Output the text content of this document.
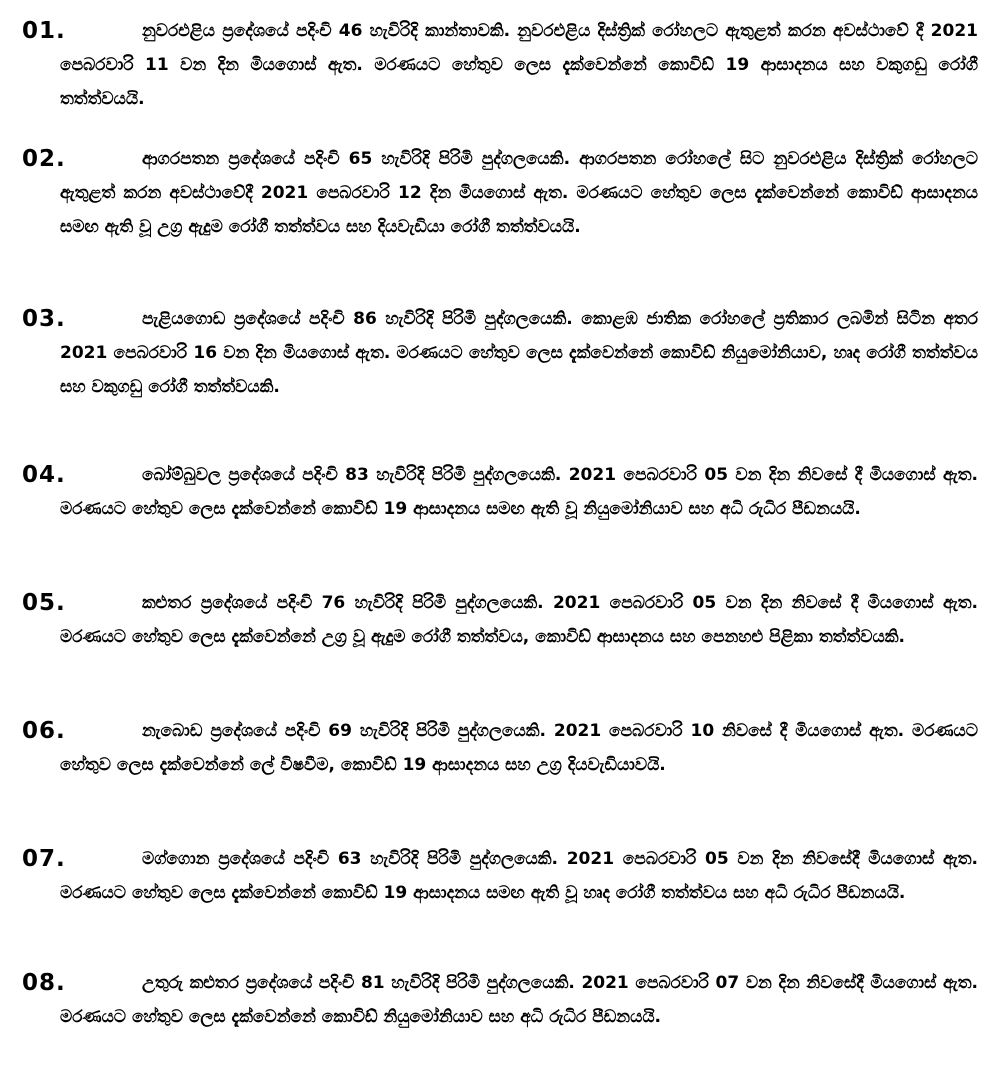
01.	නුවරඑළිය ප්‍රදේශයේ පදිංචි 46 හැවිරිදි කාන්තාවකි. නුවරඑළිය දිස්ත්‍රික් රෝහලට ඇතුළත් කරන අවස්ථාවේ දී 2021 පෙබරවාරි 11 වන දින මියගොස් ඇත. මරණයට හේතුව ලෙස දැක්වෙන්නේ කොවිඩ් 19 ආසාදනය සහ වකුගඩු රෝගී තත්ත්වයයි.

02.	ආගරපතන ප්‍රදේශයේ පදිංචි 65 හැවිරිදි පිරිමි පුද්ගලයෙකි. ආගරපතන රෝහලේ සිට නුවරඑළිය දිස්ත්‍රික් රෝහලට ඇතුළත් කරන අවස්ථාවේදී 2021 පෙබරවාරි 12 දින මියගොස් ඇත. මරණයට හේතුව ලෙස දැක්වෙන්නේ කොවිඩ් ආසාදනය සමඟ ඇති වූ උග්‍ර ඇදුම රෝගී තත්ත්වය සහ දියවැඩියා රෝගී තත්ත්වයයි.

03.	පැළියගොඩ ප්‍රදේශයේ පදිංචි 86 හැවිරිදි පිරිමි පුද්ගලයෙකි. කොළඹ ජාතික රෝහලේ ප්‍රතිකාර ලබමින් සිටින අතර 2021 පෙබරවාරි 16 වන දින මියගොස් ඇත. මරණයට හේතුව ලෙස දැක්වෙන්නේ කොවිඩ් නියුමෝනියාව, හෘද රෝගී තත්ත්වය සහ වකුගඩු රෝගී තත්ත්වයකි.

04.	බෝම්බුවල ප්‍රදේශයේ පදිංචි 83 හැවිරිදි පිරිමි පුද්ගලයෙකි. 2021 පෙබරවාරි 05 වන දින නිවසේ දී මියගොස් ඇත. මරණයට හේතුව ලෙස දැක්වෙන්නේ කොවිඩ් 19 ආසාදනය සමඟ ඇති වූ නියුමෝනියාව සහ අධි රුධිර පීඩනයයි.

05.	කළුතර ප්‍රදේශයේ පදිංචි 76 හැවිරිදි පිරිමි පුද්ගලයෙකි. 2021 පෙබරවාරි 05 වන දින නිවසේ දී මියගොස් ඇත. මරණයට හේතුව ලෙස දැක්වෙන්නේ උග්‍ර වූ ඇදුම රෝගී තත්ත්වය, කොවිඩ් ආසාදනය සහ පෙනහළු පිළිකා තත්ත්වයකි.

06.	නැබොඩ ප්‍රදේශයේ පදිංචි 69 හැවිරිදි පිරිමි පුද්ගලයෙකි. 2021 පෙබරවාරි 10 නිවසේ දී මියගොස් ඇත. මරණයට හේතුව ලෙස දැක්වෙන්නේ ලේ විෂවීම, කොවිඩ් 19 ආසාදනය සහ උග්‍ර දියවැඩියාවයි.

07.	මග්ගොන ප්‍රදේශයේ පදිංචි 63 හැවිරිදි පිරිමි පුද්ගලයෙකි. 2021 පෙබරවාරි 05 වන දින නිවසේදී මියගොස් ඇත. මරණයට හේතුව ලෙස දැක්වෙන්නේ කොවිඩ් 19 ආසාදනය සමඟ ඇති වූ හෘද රෝගී තත්ත්වය සහ අධි රුධිර පීඩනයයි.

08.	උතුරු කළුතර ප්‍රදේශයේ පදිංචි 81 හැවිරිදි පිරිමි පුද්ගලයෙකි. 2021 පෙබරවාරි 07 වන දින නිවසේදී මියගොස් ඇත. මරණයට හේතුව ලෙස දැක්වෙන්නේ කොවිඩ් නියුමෝනියාව සහ අධි රුධිර පීඩනයයි.
